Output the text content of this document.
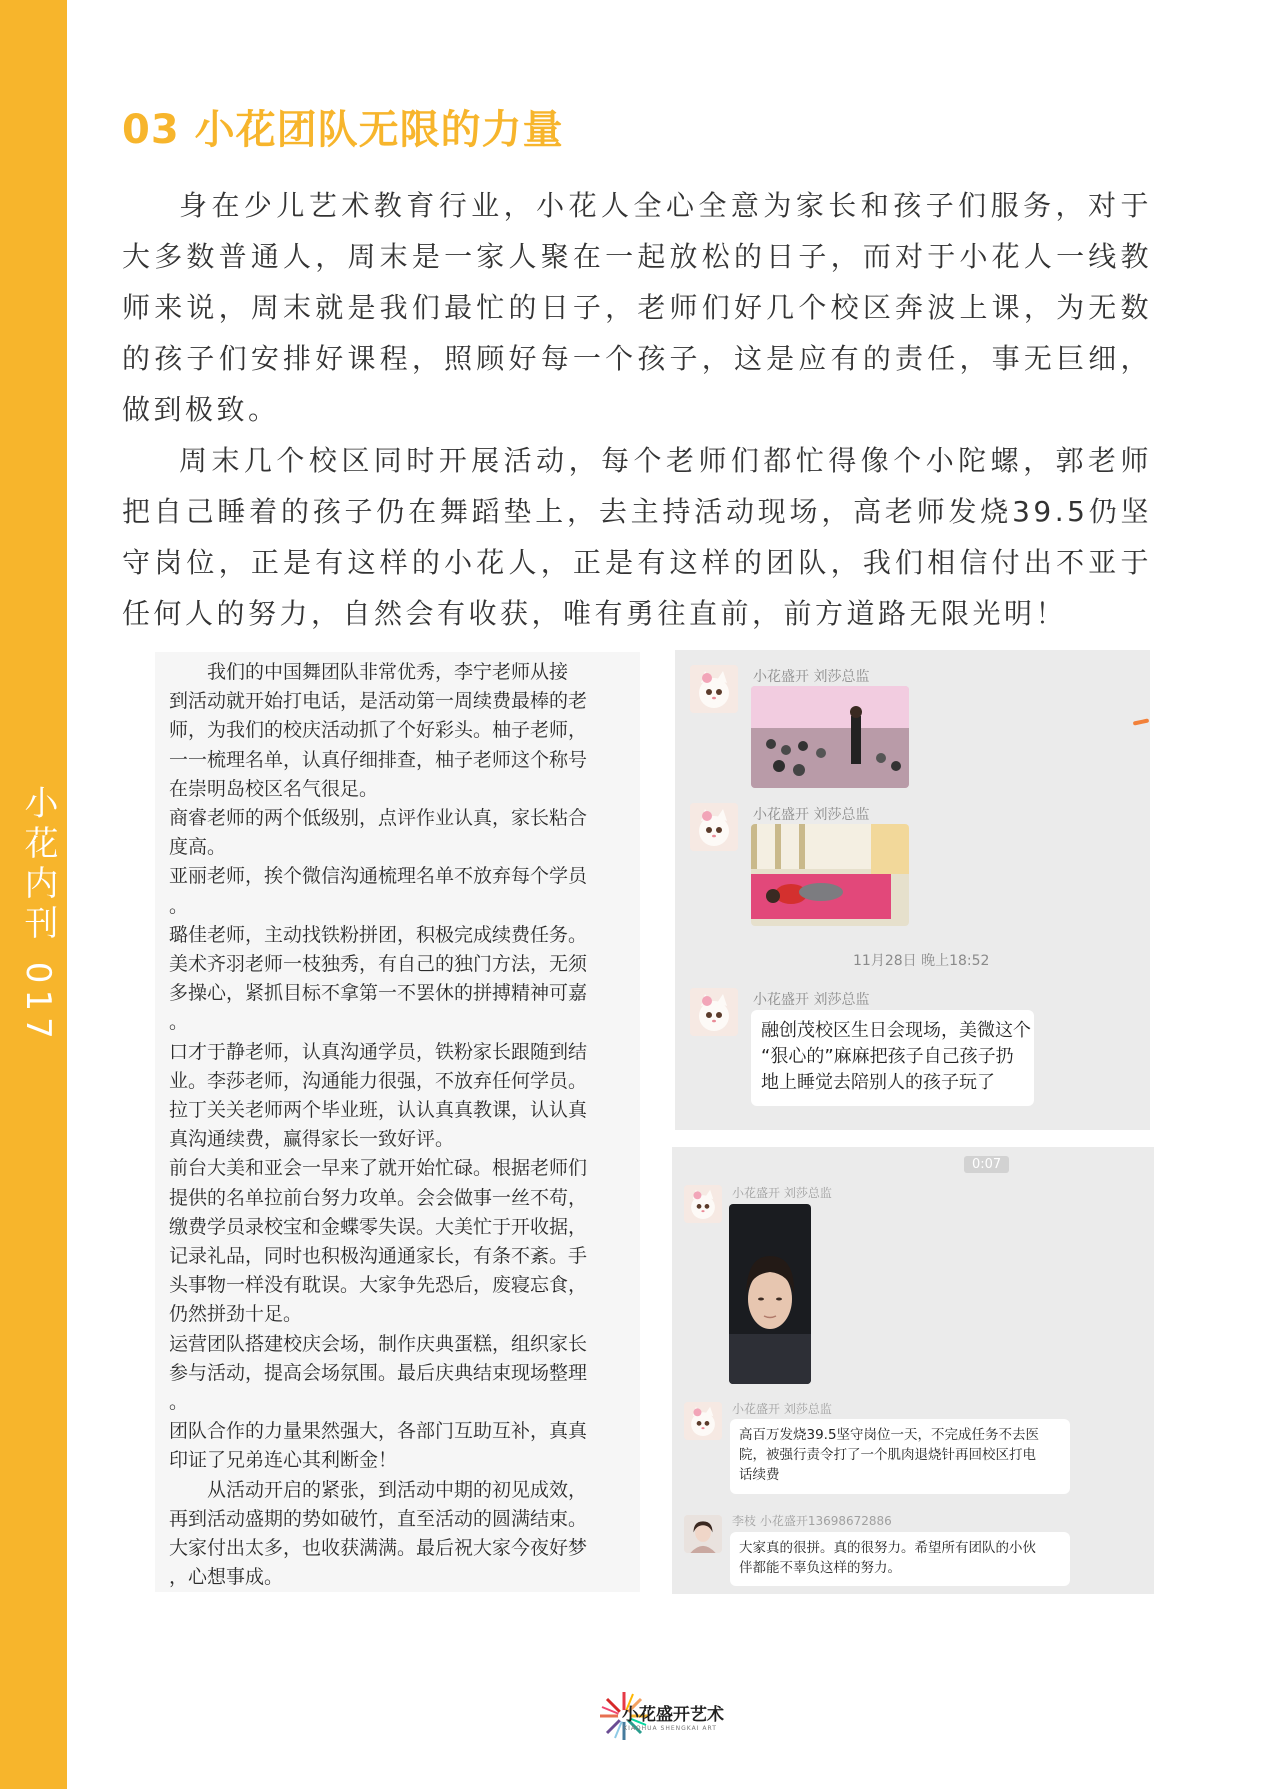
小花内刊 017
03 小花团队无限的力量

身在少儿艺术教育行业，小花人全心全意为家长和孩子们服务，对于大多数普通人，周末是一家人聚在一起放松的日子，而对于小花人一线教师来说，周末就是我们最忙的日子，老师们好几个校区奔波上课，为无数的孩子们安排好课程，照顾好每一个孩子，这是应有的责任，事无巨细，做到极致。

周末几个校区同时开展活动，每个老师们都忙得像个小陀螺，郭老师把自己睡着的孩子仍在舞蹈垫上，去主持活动现场，高老师发烧39.5仍坚守岗位，正是有这样的小花人，正是有这样的团队，我们相信付出不亚于任何人的努力，自然会有收获，唯有勇往直前，前方道路无限光明！

　　我们的中国舞团队非常优秀，李宁老师从接
到活动就开始打电话，是活动第一周续费最棒的老
师，为我们的校庆活动抓了个好彩头。柚子老师，
一一梳理名单，认真仔细排查，柚子老师这个称号
在崇明岛校区名气很足。
商睿老师的两个低级别，点评作业认真，家长粘合
度高。
亚丽老师，挨个微信沟通梳理名单不放弃每个学员
。
璐佳老师，主动找铁粉拼团，积极完成续费任务。
美术齐羽老师一枝独秀，有自己的独门方法，无须
多操心，紧抓目标不拿第一不罢休的拼搏精神可嘉
。
口才于静老师，认真沟通学员，铁粉家长跟随到结
业。李莎老师，沟通能力很强，不放弃任何学员。
拉丁关关老师两个毕业班，认认真真教课，认认真
真沟通续费，赢得家长一致好评。
前台大美和亚会一早来了就开始忙碌。根据老师们
提供的名单拉前台努力攻单。会会做事一丝不苟，
缴费学员录校宝和金蝶零失误。大美忙于开收据，
记录礼品，同时也积极沟通通家长，有条不紊。手
头事物一样没有耽误。大家争先恐后，废寝忘食，
仍然拼劲十足。
运营团队搭建校庆会场，制作庆典蛋糕，组织家长
参与活动，提高会场氛围。最后庆典结束现场整理
。
团队合作的力量果然强大，各部门互助互补，真真
印证了兄弟连心其利断金！
　　从活动开启的紧张，到活动中期的初见成效，
再到活动盛期的势如破竹，直至活动的圆满结束。
大家付出太多，也收获满满。最后祝大家今夜好梦
，心想事成。
小花盛开 刘莎总监
小花盛开 刘莎总监
11月28日 晚上18:52
小花盛开 刘莎总监
融创茂校区生日会现场，美微这个
“狠心的”麻麻把孩子自己孩子扔
地上睡觉去陪别人的孩子玩了
0:07
小花盛开 刘莎总监
小花盛开 刘莎总监
高百万发烧39.5坚守岗位一天，不完成任务不去医
院，被强行责令打了一个肌肉退烧针再回校区打电
话续费
李枝 小花盛开13698672886
大家真的很拼。真的很努力。希望所有团队的小伙
伴都能不辜负这样的努力。
小花盛开艺术
XIAOHUA SHENGKAI ART
